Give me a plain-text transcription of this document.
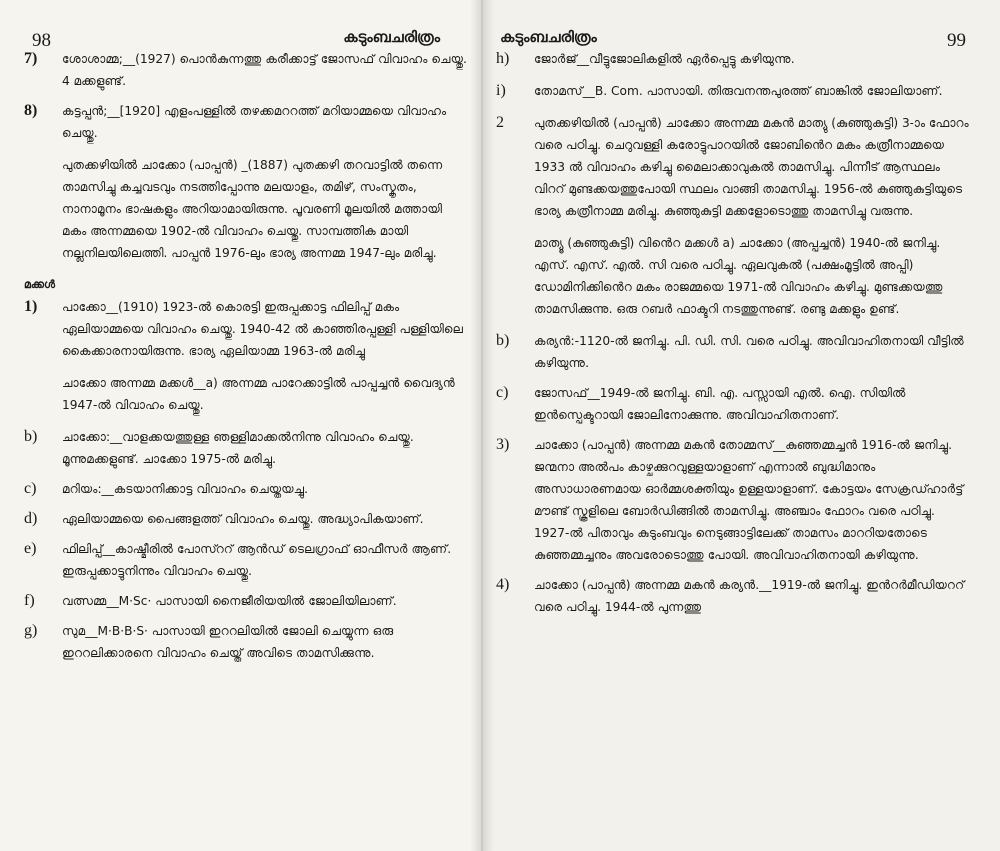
98	കടുംബചരിത്രം
7)	ശോശാമ്മ;__(1927) പൊൻകുന്നത്തു കരീക്കാട്ട് ജോസഫ് വിവാഹം ചെയ്തു. 4 മക്കളുണ്ട്.
8)	കട്ടപ്പൻ;__[1920] എളംപള്ളിൽ തഴക്കമററത്ത് മറിയാമ്മയെ വിവാഹം ചെയ്തു.
പുതക്കഴിയിൽ ചാക്കോ (പാപ്പൻ) _(1887) പുതക്കഴി തറവാട്ടിൽ തന്നെ താമസിച്ചു കച്ചവടവും നടത്തിപ്പോന്നു മലയാളം, തമിഴ്, സംസ്കൃതം, നാനാമൂനം ഭാഷകളും അറിയാമായിരുന്നു. പൂവരണി മൂലയിൽ മത്തായി മകം അന്നമ്മയെ 1902-ൽ വിവാഹം ചെയ്തു. സാമ്പത്തിക മായി നല്ലനിലയിലെത്തി. പാപ്പൻ 1976-ലും ഭാര്യ അന്നമ്മ 1947-ലും മരിച്ചു.
മക്കൾ
1)	പാക്കോ__(1910) 1923-ൽ കൊരട്ടി ഇരുപ്പക്കാട്ട ഫിലിപ്പ് മകം ഏലിയാമ്മയെ വിവാഹം ചെയ്തു. 1940-42 ൽ കാഞ്ഞിരപ്പള്ളി പള്ളിയിലെ കൈക്കാരനായിരുന്നു. ഭാര്യ ഏലിയാമ്മ 1963-ൽ മരിച്ചു
ചാക്കോ അന്നമ്മ മക്കൾ__a) അന്നമ്മ പാറേക്കാട്ടിൽ പാപ്പച്ചൻ വൈദ്യൻ 1947-ൽ വിവാഹം ചെയ്തു.
b)	ചാക്കോ:__വാളക്കയത്തുള്ള ഞള്ളിമാക്കൽനിന്നു വിവാഹം ചെയ്തു. മൂന്നുമക്കളുണ്ട്. ചാക്കോ 1975-ൽ മരിച്ചു.
c)	മറിയം:__കടയാനിക്കാട്ട വിവാഹം ചെയ്തയച്ചു.
d)	ഏലിയാമ്മയെ പൈങ്ങളത്ത് വിവാഹം ചെയ്തു. അദ്ധ്യാപികയാണ്.
e)	ഫിലിപ്പ്__കാഷ്മീരിൽ പോസ്ററ് ആൻഡ് ടെലഗ്രാഫ് ഓഫീസർ ആണ്. ഇരുപ്പക്കാട്ടുനിന്നും വിവാഹം ചെയ്തു.
f)	വത്സമ്മ__M·Sc· പാസായി നൈജീരിയയിൽ ജോലിയിലാണ്.
g)	സുമ__M·B·B·S· പാസായി ഇററലിയിൽ ജോലി ചെയ്യുന്ന ഒരു ഇററലിക്കാരനെ വിവാഹം ചെയ്ത് അവിടെ താമസിക്കുന്നു.
കടുംബചരിത്രം	99
h)	ജോർജ്__വീട്ടുജോലികളിൽ ഏർപ്പെട്ടു കഴിയുന്നു.
i)	തോമസ്__B. Com. പാസായി. തിരുവനന്തപുരത്ത് ബാങ്കിൽ ജോലിയാണ്.
2	പുതക്കഴിയിൽ (പാപ്പൻ) ചാക്കോ അന്നമ്മ മകൻ മാത്യു (കുഞ്ഞുകുട്ടി) 3-ാം ഫോറം വരെ പഠിച്ചു. ചെറുവള്ളി കരോട്ടുപാറയിൽ ജോബിൻെറ മകം കത്രീനാമ്മയെ 1933 ൽ വിവാഹം കഴിച്ചു മൈലാക്കാവുകൽ താമസിച്ചു. പിന്നീട് ആസ്ഥലം വിററ് മുണ്ടക്കയത്തുപോയി സ്ഥലം വാങ്ങി താമസിച്ചു. 1956-ൽ കുഞ്ഞുകുട്ടിയുടെ ഭാര്യ കത്രീനാമ്മ മരിച്ചു. കുഞ്ഞുകുട്ടി മക്കളോടൊത്തു താമസിച്ചു വരുന്നു.
മാത്യൂ (കുഞ്ഞുകുട്ടി) വിൻെറ മക്കൾ a) ചാക്കോ (അപ്പച്ചൻ) 1940-ൽ ജനിച്ചു. എസ്. എസ്. എൽ. സി വരെ പഠിച്ചു. ഏലവുകൽ (പക്ഷംമൂട്ടിൽ അപ്പി) ഡോമിനിക്കിൻെറ മകം രാജമ്മയെ 1971-ൽ വിവാഹം കഴിച്ചു. മുണ്ടക്കയത്തു താമസിക്കുന്നു. ഒരു റബർ ഫാക്ടറി നടത്തുന്നുണ്ട്. രണ്ടു മക്കളും ഉണ്ട്.
b)	കര്യൻ:-1120-ൽ ജനിച്ചു. പി. ഡി. സി. വരെ പഠിച്ചു. അവിവാഹിതനായി വീട്ടിൽ കഴിയുന്നു.
c)	ജോസഫ്__1949-ൽ ജനിച്ചു. ബി. എ. പസ്സായി എൽ. ഐ. സിയിൽ ഇൻസ്പെക്ടറായി ജോലിനോക്കുന്നു. അവിവാഹിതനാണ്.
3)	ചാക്കോ (പാപ്പൻ) അന്നമ്മ മകൻ തോമ്മസ്__കുഞ്ഞമ്മച്ചൻ 1916-ൽ ജനിച്ചു. ജന്മനാ അൽപം കാഴ്ചക്കുറവുള്ളയാളാണ് എന്നാൽ ബുദ്ധിമാനും അസാധാരണമായ ഓർമ്മശക്തിയും ഉള്ളയാളാണ്. കോട്ടയം സേക്രഡ്ഹാർട്ട് മൗണ്ട് സ്കൂളിലെ ബോർഡിങ്ങിൽ താമസിച്ചു. അഞ്ചാം ഫോറം വരെ പഠിച്ചു. 1927-ൽ പിതാവും കുടുംബവും നെടുങ്ങാട്ടിലേക്ക് താമസം മാററിയതോടെ കുഞ്ഞമ്മച്ചനും അവരോടൊത്തു പോയി. അവിവാഹിതനായി കഴിയുന്നു.
4)	ചാക്കോ (പാപ്പൻ) അന്നമ്മ മകൻ കര്യൻ.__1919-ൽ ജനിച്ചു. ഇൻറർമീഡിയററ് വരെ പഠിച്ചു. 1944-ൽ പുന്നത്തു
